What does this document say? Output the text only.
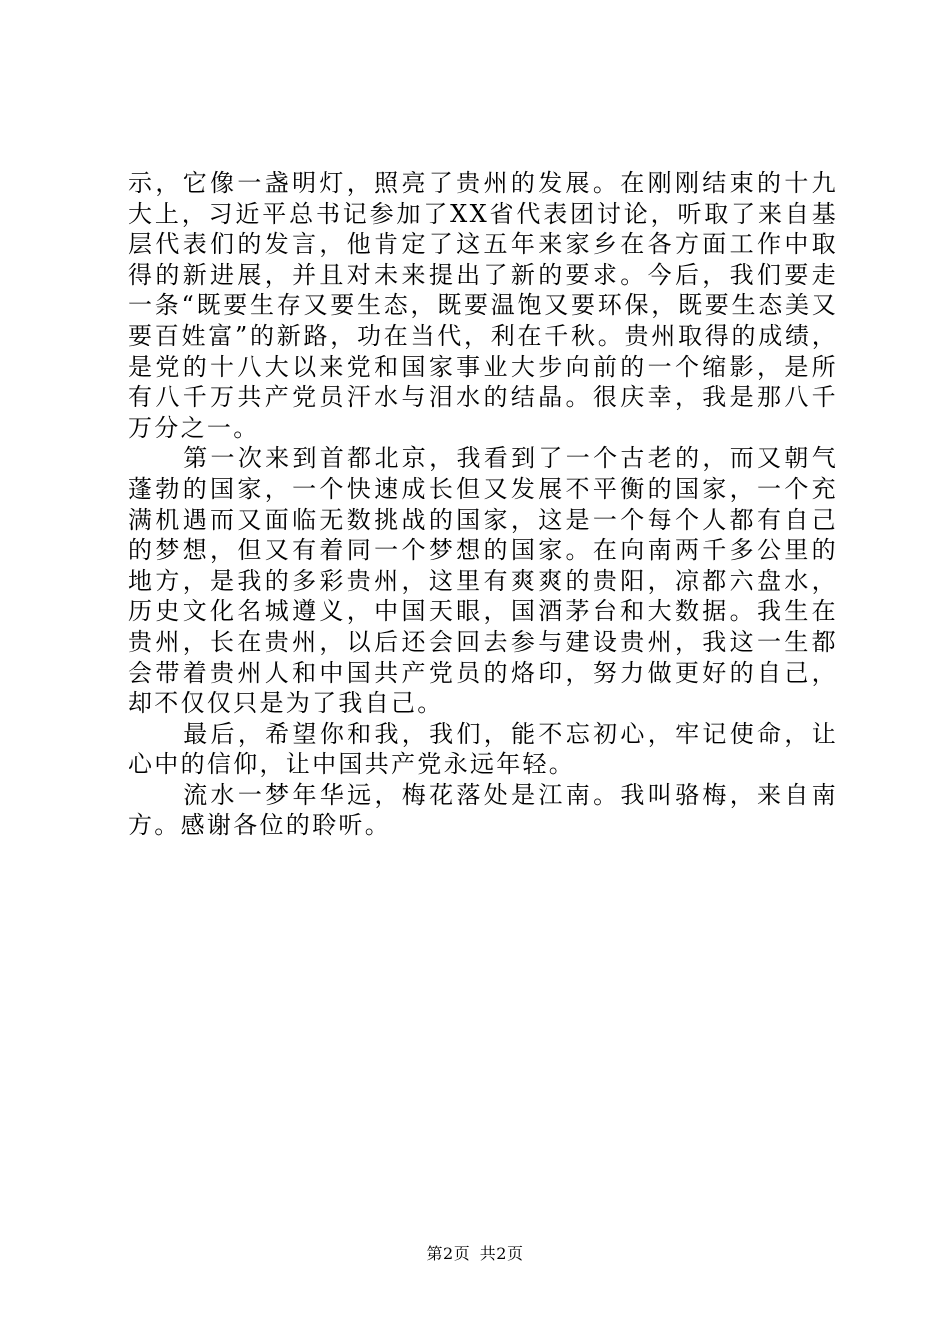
示，它像一盏明灯，照亮了贵州的发展。在刚刚结束的十九大上，习近平总书记参加了XX省代表团讨论，听取了来自基层代表们的发言，他肯定了这五年来家乡在各方面工作中取得的新进展，并且对未来提出了新的要求。今后，我们要走一条“既要生存又要生态，既要温饱又要环保，既要生态美又要百姓富”的新路，功在当代，利在千秋。贵州取得的成绩，是党的十八大以来党和国家事业大步向前的一个缩影，是所有八千万共产党员汗水与泪水的结晶。很庆幸，我是那八千万分之一。

第一次来到首都北京，我看到了一个古老的，而又朝气蓬勃的国家，一个快速成长但又发展不平衡的国家，一个充满机遇而又面临无数挑战的国家，这是一个每个人都有自己的梦想，但又有着同一个梦想的国家。在向南两千多公里的地方，是我的多彩贵州，这里有爽爽的贵阳，凉都六盘水，历史文化名城遵义，中国天眼，国酒茅台和大数据。我生在贵州，长在贵州，以后还会回去参与建设贵州，我这一生都会带着贵州人和中国共产党员的烙印，努力做更好的自己，却不仅仅只是为了我自己。

最后，希望你和我，我们，能不忘初心，牢记使命，让心中的信仰，让中国共产党永远年轻。

流水一梦年华远，梅花落处是江南。我叫骆梅，来自南方。感谢各位的聆听。

第2页 共2页
